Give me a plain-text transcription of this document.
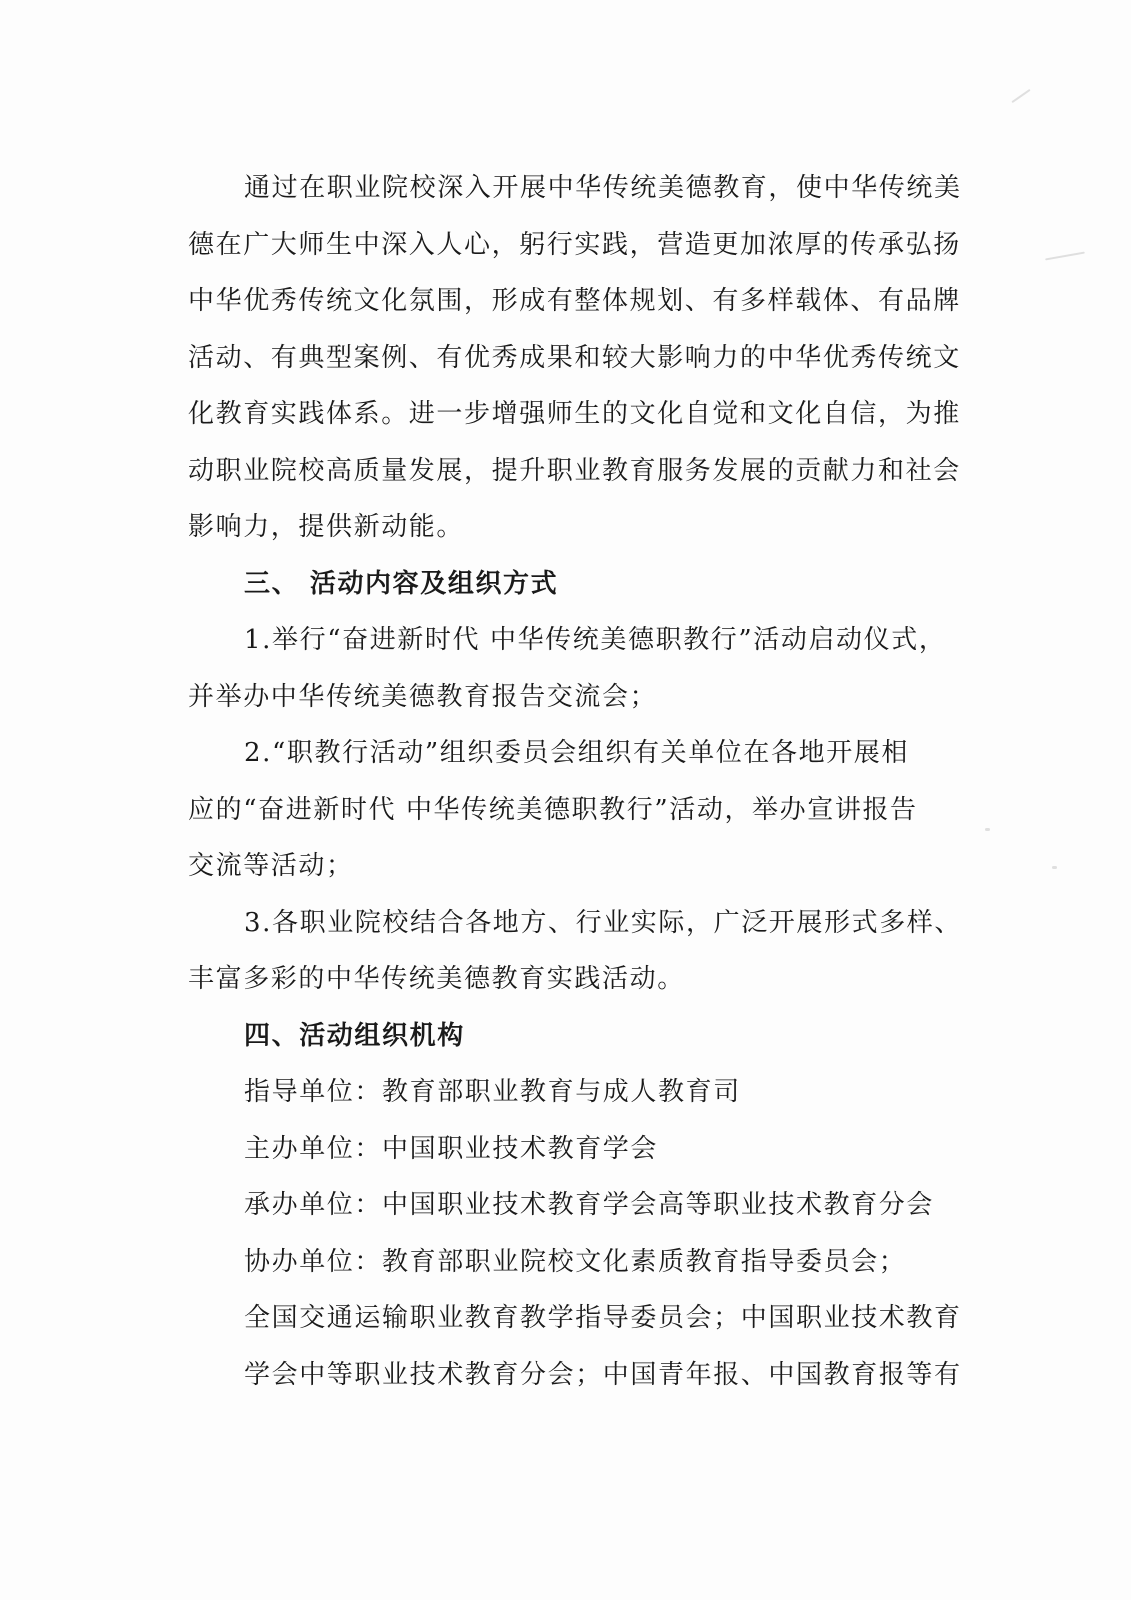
通过在职业院校深入开展中华传统美德教育，使中华传统美
德在广大师生中深入人心，躬行实践，营造更加浓厚的传承弘扬
中华优秀传统文化氛围，形成有整体规划、有多样载体、有品牌
活动、有典型案例、有优秀成果和较大影响力的中华优秀传统文
化教育实践体系。进一步增强师生的文化自觉和文化自信，为推
动职业院校高质量发展，提升职业教育服务发展的贡献力和社会
影响力，提供新动能。
三、 活动内容及组织方式
1.举行“奋进新时代 中华传统美德职教行”活动启动仪式，
并举办中华传统美德教育报告交流会；
2.“职教行活动”组织委员会组织有关单位在各地开展相
应的“奋进新时代 中华传统美德职教行”活动，举办宣讲报告
交流等活动；
3.各职业院校结合各地方、行业实际，广泛开展形式多样、
丰富多彩的中华传统美德教育实践活动。
四、活动组织机构
指导单位：教育部职业教育与成人教育司
主办单位：中国职业技术教育学会
承办单位：中国职业技术教育学会高等职业技术教育分会
协办单位：教育部职业院校文化素质教育指导委员会；
全国交通运输职业教育教学指导委员会；中国职业技术教育
学会中等职业技术教育分会；中国青年报、中国教育报等有
